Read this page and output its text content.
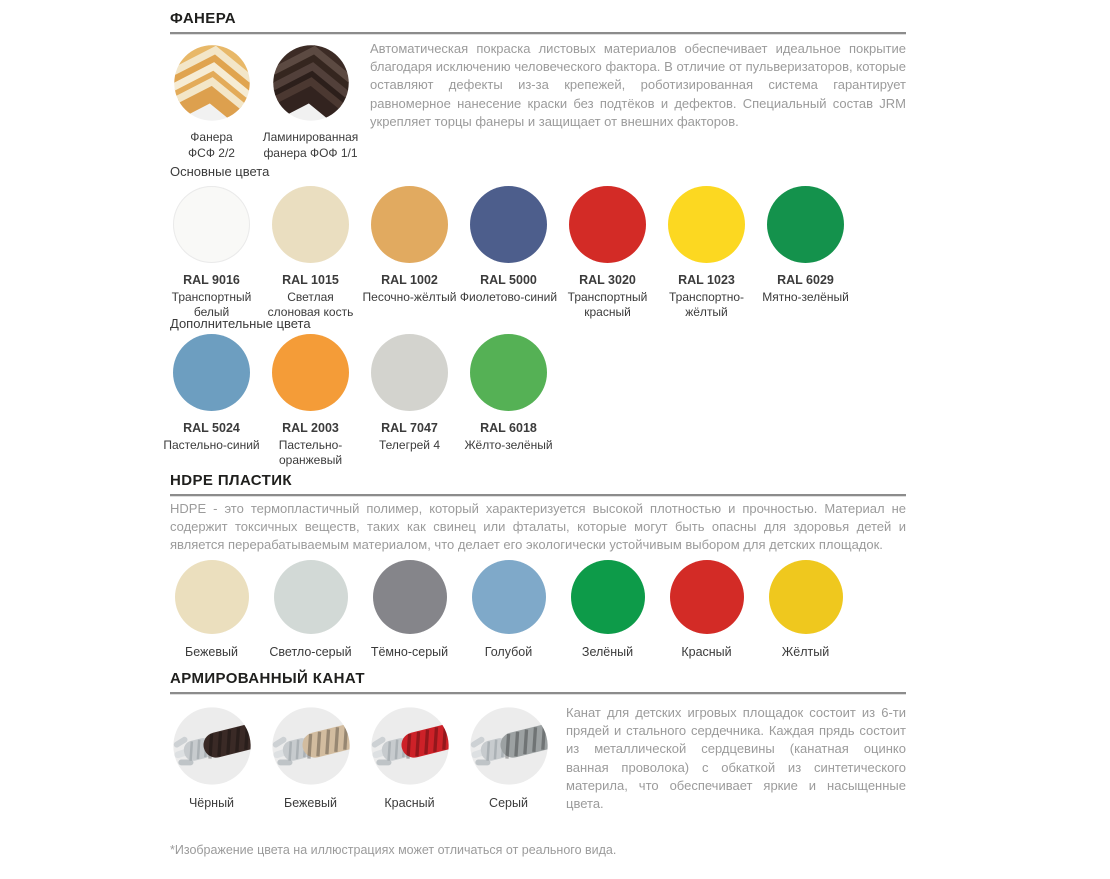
ФАНЕРА
Фанера
ФСФ 2/2
Ламинированная
фанера ФОФ 1/1

Автоматическая покраска листовых материалов обеспечивает идеальное покрытие благодаря исключению человеческого фактора. В отличие от пульверизаторов, которые оставляют дефекты из-за крепежей, роботизированная система гарантирует равномерное нанесение краски без подтёков и дефектов. Специальный состав JRM укрепляет торцы фанеры и защищает от внешних факторов.

Основные цвета
RAL 9016
Транспортный белый
RAL 1015
Светлая слоновая кость
RAL 1002
Песочно-жёлтый
RAL 5000
Фиолетово-синий
RAL 3020
Транспортный красный
RAL 1023
Транспортно-жёлтый
RAL 6029
Мятно-зелёный
Дополнительные цвета
RAL 5024
Пастельно-синий
RAL 2003
Пастельно-оранжевый
RAL 7047
Телегрей 4
RAL 6018
Жёлто-зелёный
HDPE ПЛАСТИК

HDPE - это термопластичный полимер, который характеризуется высокой плотностью и прочностью. Материал не содержит токсичных веществ, таких как свинец или фталаты, которые могут быть опасны для здоровья детей и является перерабатываемым материалом, что делает его экологически устойчивым выбором для детских площадок.

Бежевый	Светло-серый	Тёмно-серый	Голубой	Зелёный	Красный	Жёлтый
АРМИРОВАННЫЙ КАНАТ
Чёрный	Бежевый	Красный	Серый

Канат для детских игровых площадок состоит из 6-ти прядей и стального сердечника. Каждая прядь состоит из металлической сердцевины (канатная оцинко ванная проволока) с обкаткой из синтетического материла, что обеспечивает яркие и насыщенные цвета.

*Изображение цвета на иллюстрациях может отличаться от реального вида.
